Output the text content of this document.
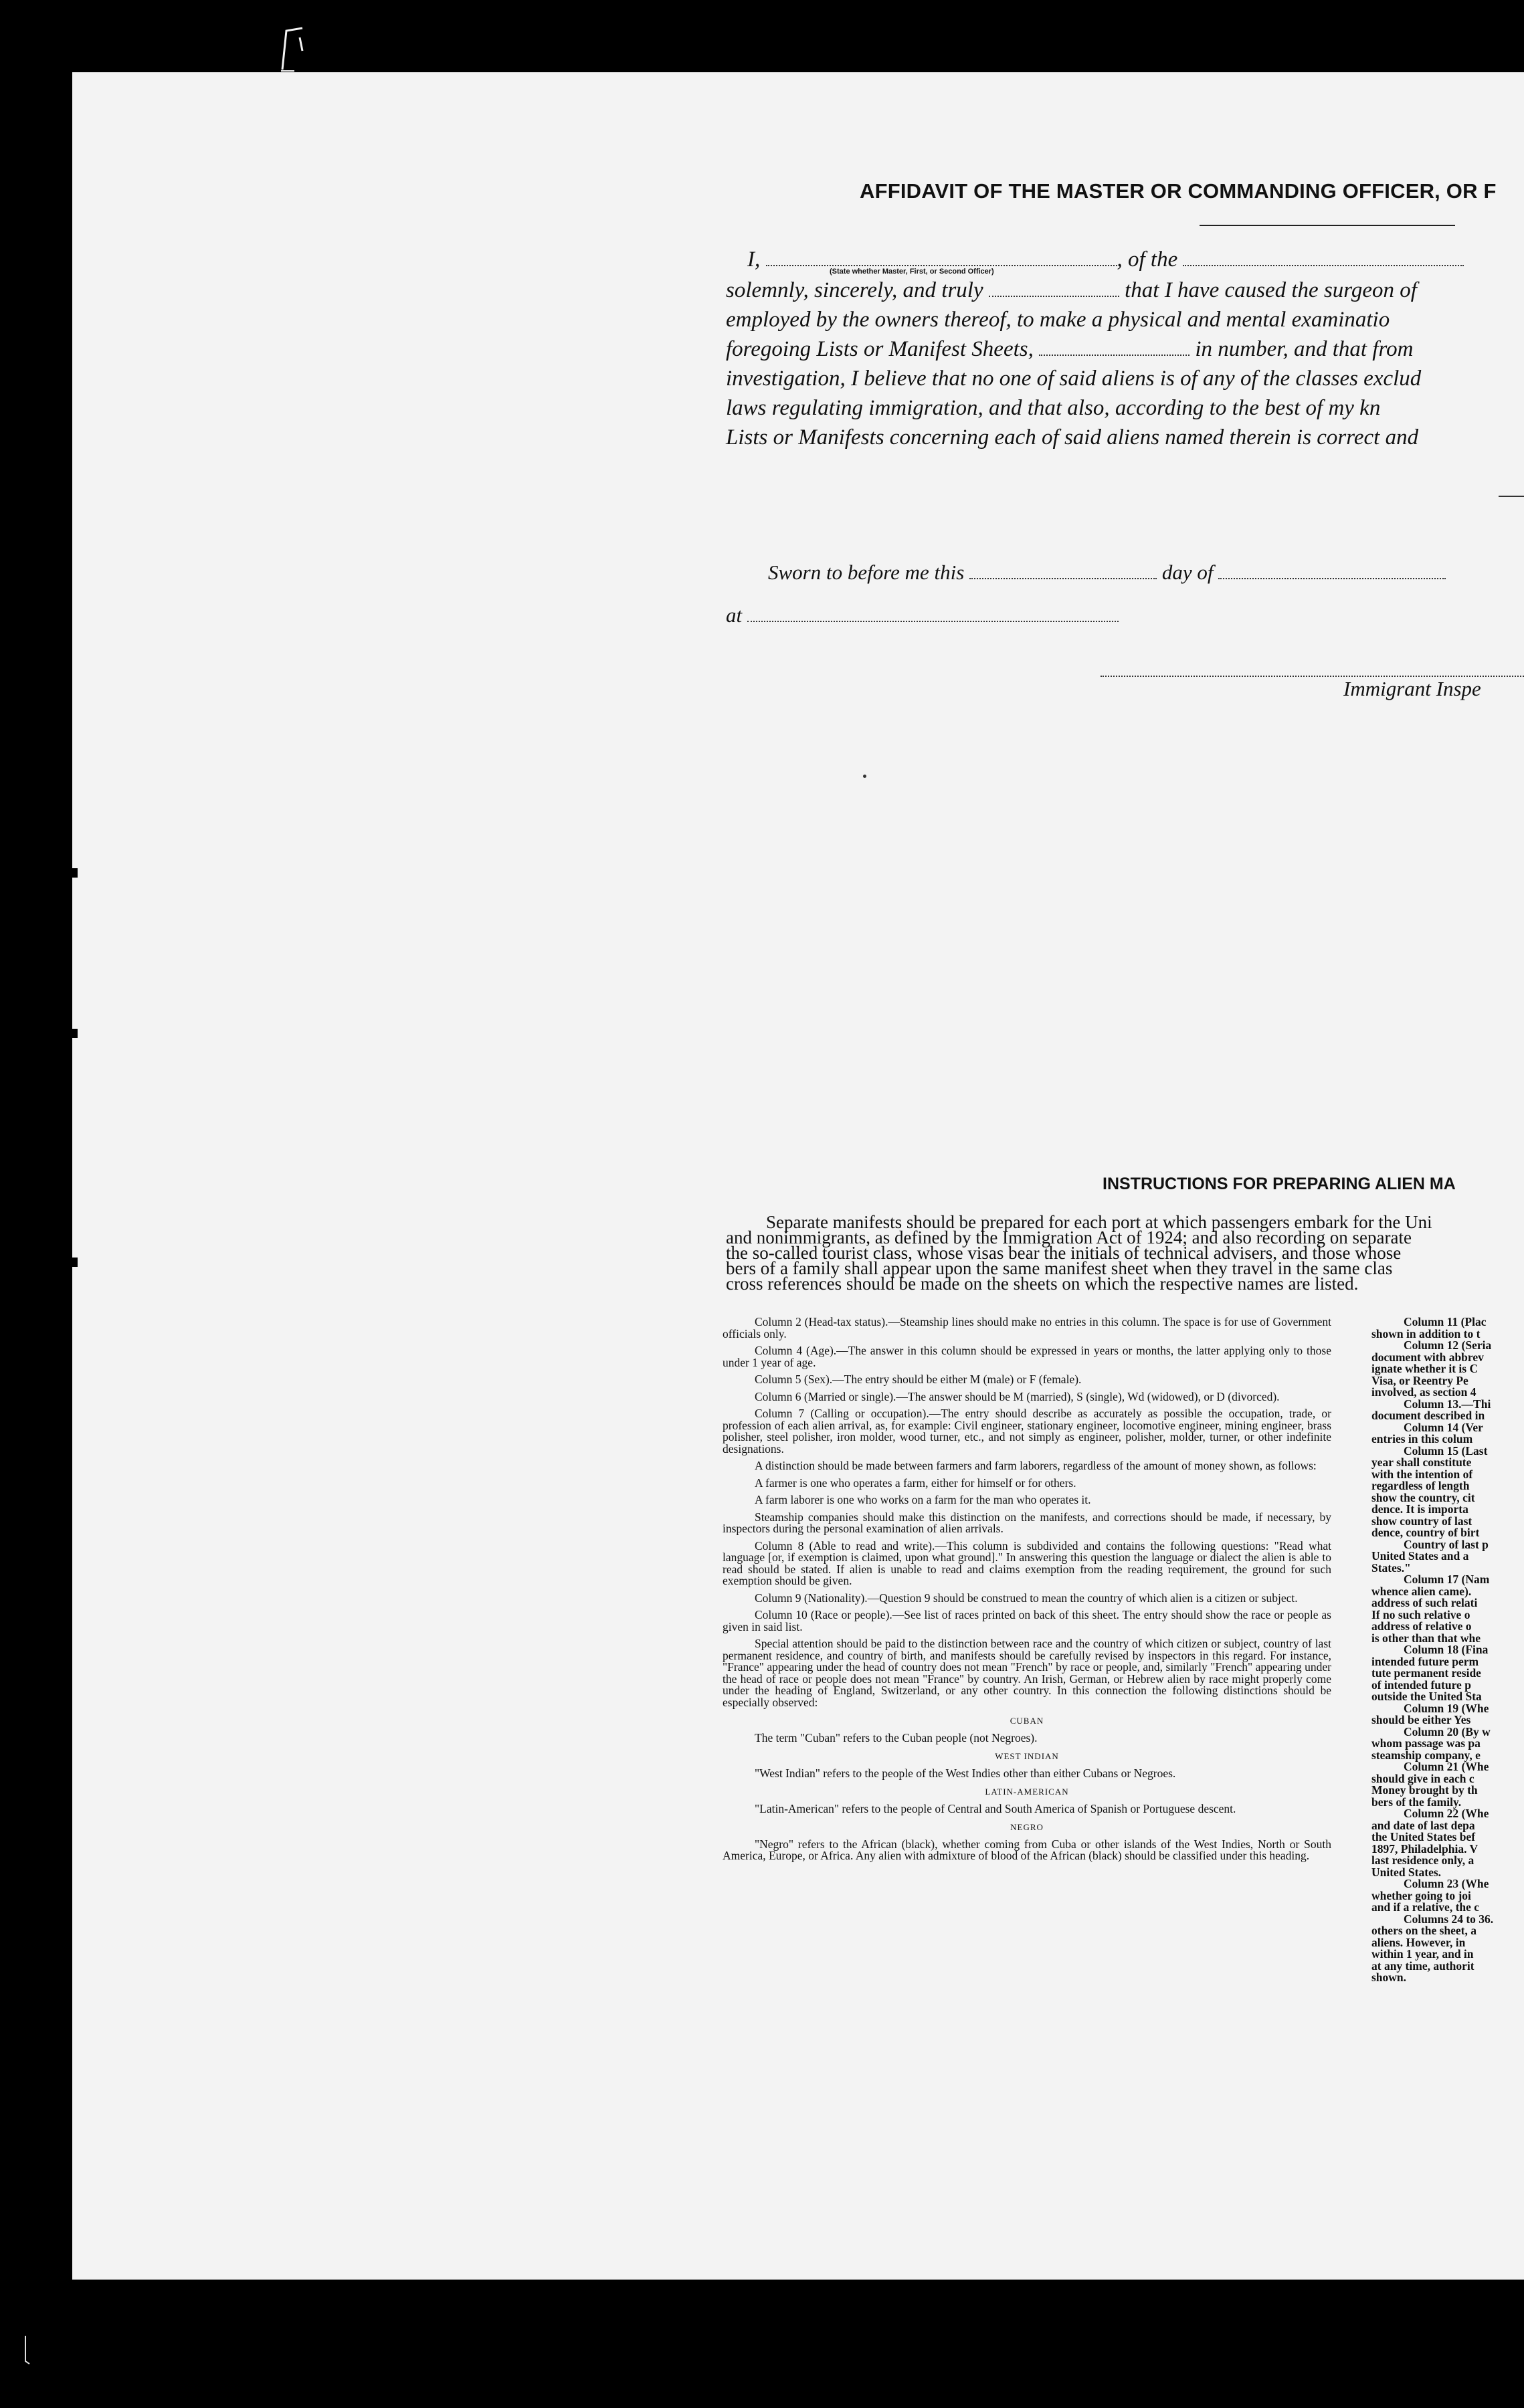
AFFIDAVIT OF THE MASTER OR COMMANDING OFFICER, OR F
I,	, of the
(State whether Master, First, or Second Officer)
solemnly, sincerely, and truly	that I have caused the surgeon of
employed by the owners thereof, to make a physical and mental examinatio
foregoing Lists or Manifest Sheets,	in number, and that from
investigation, I believe that no one of said aliens is of any of the classes exclud
laws regulating immigration, and that also, according to the best of my kn
Lists or Manifests concerning each of said aliens named therein is correct and
Sworn to before me this	day of
at
Immigrant Inspe
INSTRUCTIONS FOR PREPARING ALIEN MA

Separate manifests should be prepared for each port at which passengers embark for the Uni

and nonimmigrants, as defined by the Immigration Act of 1924; and also recording on separate

the so-called tourist class, whose visas bear the initials of technical advisers, and those whose

bers of a family shall appear upon the same manifest sheet when they travel in the same clas

cross references should be made on the sheets on which the respective names are listed.

Column 2 (Head-tax status).—Steamship lines should make no entries in this column. The space is for use of Government officials only.

Column 4 (Age).—The answer in this column should be expressed in years or months, the latter applying only to those under 1 year of age.

Column 5 (Sex).—The entry should be either M (male) or F (female).

Column 6 (Married or single).—The answer should be M (married), S (single), Wd (widowed), or D (divorced).

Column 7 (Calling or occupation).—The entry should describe as accurately as possible the occupation, trade, or profession of each alien arrival, as, for example: Civil engineer, stationary engineer, locomotive engineer, mining engineer, brass polisher, steel polisher, iron molder, wood turner, etc., and not simply as engineer, polisher, molder, turner, or other indefinite designations.

A distinction should be made between farmers and farm laborers, regardless of the amount of money shown, as follows:

A farmer is one who operates a farm, either for himself or for others.

A farm laborer is one who works on a farm for the man who operates it.

Steamship companies should make this distinction on the manifests, and corrections should be made, if necessary, by inspectors during the personal examination of alien arrivals.

Column 8 (Able to read and write).—This column is subdivided and contains the following questions: "Read what language [or, if exemption is claimed, upon what ground]." In answering this question the language or dialect the alien is able to read should be stated. If alien is unable to read and claims exemption from the reading requirement, the ground for such exemption should be given.

Column 9 (Nationality).—Question 9 should be construed to mean the country of which alien is a citizen or subject.

Column 10 (Race or people).—See list of races printed on back of this sheet. The entry should show the race or people as given in said list.

Special attention should be paid to the distinction between race and the country of which citizen or subject, country of last permanent residence, and country of birth, and manifests should be carefully revised by inspectors in this regard. For instance, "France" appearing under the head of country does not mean "French" by race or people, and, similarly "French" appearing under the head of race or people does not mean "France" by country. An Irish, German, or Hebrew alien by race might properly come under the heading of England, Switzerland, or any other country. In this connection the following distinctions should be especially observed:

CUBAN

The term "Cuban" refers to the Cuban people (not Negroes).

WEST INDIAN

"West Indian" refers to the people of the West Indies other than either Cubans or Negroes.

LATIN-AMERICAN

"Latin-American" refers to the people of Central and South America of Spanish or Portuguese descent.

NEGRO

"Negro" refers to the African (black), whether coming from Cuba or other islands of the West Indies, North or South America, Europe, or Africa. Any alien with admixture of blood of the African (black) should be classified under this heading.

Column 11 (Plac

shown in addition to t

Column 12 (Seria

document with abbrev

ignate whether it is C

Visa, or Reentry Pe

involved, as section 4

Column 13.—Thi

document described in

Column 14 (Ver

entries in this colum

Column 15 (Last

year shall constitute

with the intention of

regardless of length

show the country, cit

dence. It is importa

show country of last

dence, country of birt

Country of last p

United States and a

States."

Column 17 (Nam

whence alien came).

address of such relati

If no such relative o

address of relative o

is other than that whe

Column 18 (Fina

intended future perm

tute permanent reside

of intended future p

outside the United Sta

Column 19 (Whe

should be either Yes

Column 20 (By w

whom passage was pa

steamship company, e

Column 21 (Whe

should give in each c

Money brought by th

bers of the family.

Column 22 (Whe

and date of last depa

the United States bef

1897, Philadelphia. V

last residence only, a

United States.

Column 23 (Whe

whether going to joi

and if a relative, the c

Columns 24 to 36.

others on the sheet, a

aliens. However, in

within 1 year, and in

at any time, authorit

shown.
